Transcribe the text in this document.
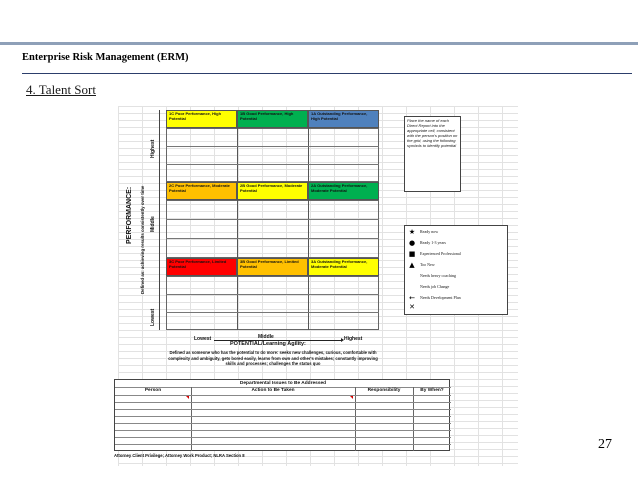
Enterprise Risk Management (ERM)
4. Talent Sort
PERFORMANCE: Defined as: achieving results consistently over time
Highest
Middle
Lowest
1C Poor Performance, High Potential
1B Good Performance, High Potential
1A Outstanding Performance, High Potential
2C Poor Performance, Moderate Potential
2B Good Performance, Moderate Potential
2A Outstanding Performance, Moderate Potential
3C Poor Performance, Limited Potential
3B Good Performance, Limited Potential
3A Outstanding Performance, Moderate Potential
Lowest	Middle	Highest
POTENTIAL/Learning Agility:
Defined as someone who has the potential to do more: seeks new challenges, curious, comfortable with complexity and ambiguity, gets bored easily, learns from own and other's mistakes; constantly improving skills and processes; challenges the status quo
Place the name of each Direct Report into the appropriate cell, consistent with the person's position on the grid, using the following symbols to identify potential
★ Ready now
● Ready 1-3 years
■ Experienced Professional
▲	Too New
Needs heavy coaching
Needs job Change
← Needs Development Plan
✕
Departmental Issues to Be Addressed
Person	Action to Be Taken	Responsibility	By When?
Attorney Client Privilege; Attorney Work Product; NLRA Section 8
27
